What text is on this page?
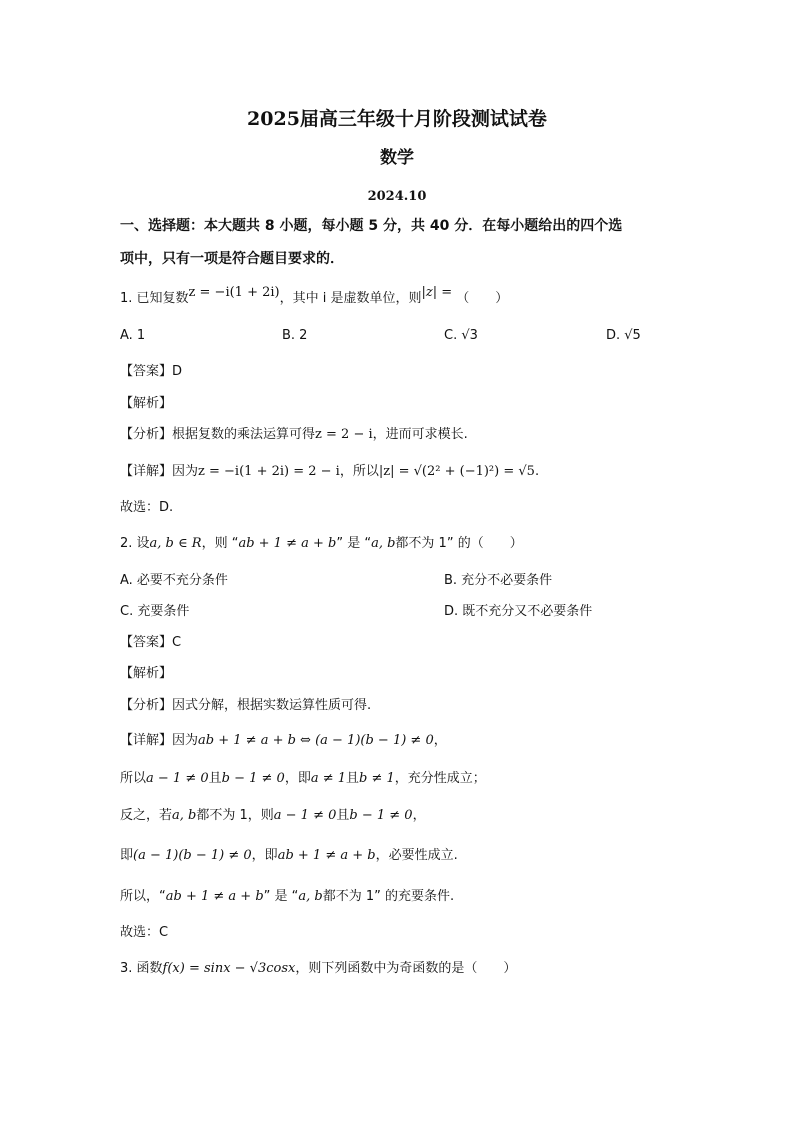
2025届高三年级十月阶段测试试卷
数学
2024.10
一、选择题：本大题共 8 小题，每小题 5 分，共 40 分．在每小题给出的四个选
项中，只有一项是符合题目要求的．
1. 已知复数z = −i(1 + 2i)，其中 i 是虚数单位，则|z| = （　　）
A. 1	B. 2	C. √3	D. √5
【答案】D
【解析】
【分析】根据复数的乘法运算可得z = 2 − i，进而可求模长.
【详解】因为z = −i(1 + 2i) = 2 − i，所以|z| = √(2² + (−1)²) = √5.
故选：D.
2. 设a, b ∈ R，则 “ab + 1 ≠ a + b” 是 “a, b都不为 1” 的（　　）
A. 必要不充分条件	B. 充分不必要条件
C. 充要条件	D. 既不充分又不必要条件
【答案】C
【解析】
【分析】因式分解，根据实数运算性质可得.
【详解】因为ab + 1 ≠ a + b ⇔ (a − 1)(b − 1) ≠ 0，
所以a − 1 ≠ 0且b − 1 ≠ 0，即a ≠ 1且b ≠ 1，充分性成立；
反之，若a, b都不为 1，则a − 1 ≠ 0且b − 1 ≠ 0，
即(a − 1)(b − 1) ≠ 0，即ab + 1 ≠ a + b，必要性成立.
所以，“ab + 1 ≠ a + b” 是 “a, b都不为 1” 的充要条件.
故选：C
3. 函数f(x) = sinx − √3cosx，则下列函数中为奇函数的是（　　）
